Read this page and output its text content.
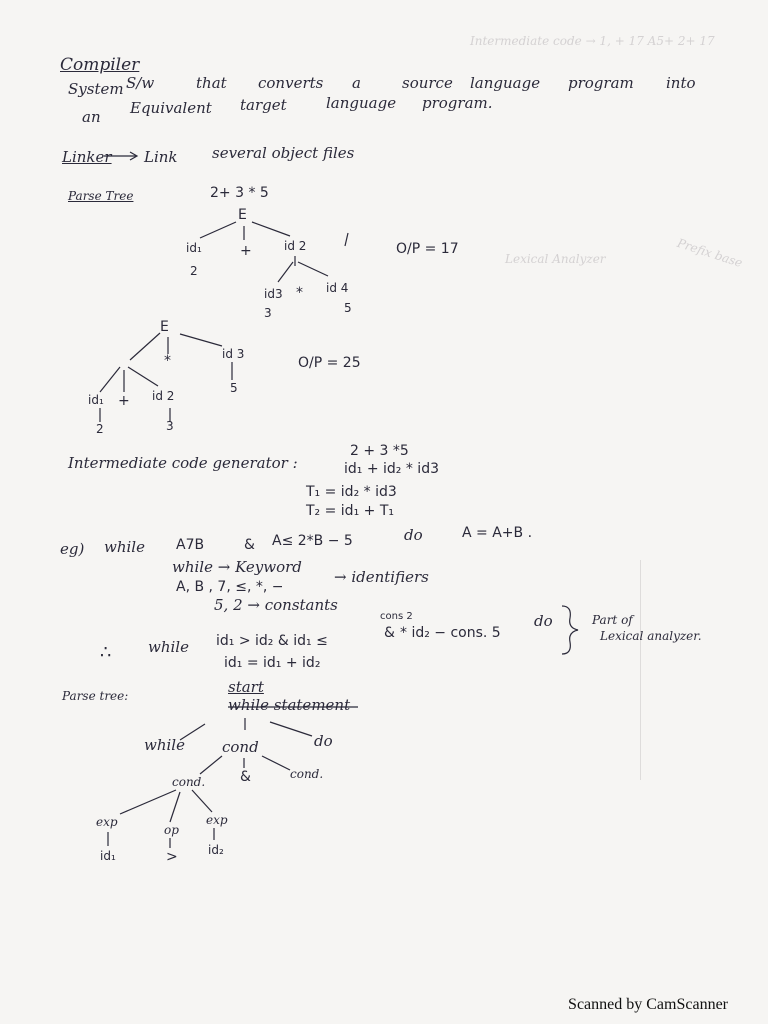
Intermediate code → 1, + 17 A5+ 2+ 17
Lexical Analyzer	Prefix base
Compiler
System S/w	that converts a	source language program into
an Equivalent target	language program.
Linker Link several object files
Parse Tree	2+ 3 * 5
E
id₁	+	id 2
2
id3 * id 4
3	5
O/P = 17
E
*	id 3
5
id₁ + id 2
2	3
O/P = 25
Intermediate code generator :
2 + 3 *5
id₁ + id₂ * id3
T₁ = id₂ * id3
T₂ = id₁ + T₁
eg) while A7B	& A≤ 2*B − 5	do	A = A+B .
while → Keyword
A, B , 7, ≤, *, −
→ identifiers
5, 2 → constants
∴ while id₁ > id₂ & id₁ ≤
cons 2
& * id₂ − cons. 5
do
id₁ = id₁ + id₂
Part of
Lexical analyzer.
Parse tree:	start
while statement
while cond	do
cond. &	cond.
exp
op
exp
id₁	>	id₂
Scanned by CamScanner
